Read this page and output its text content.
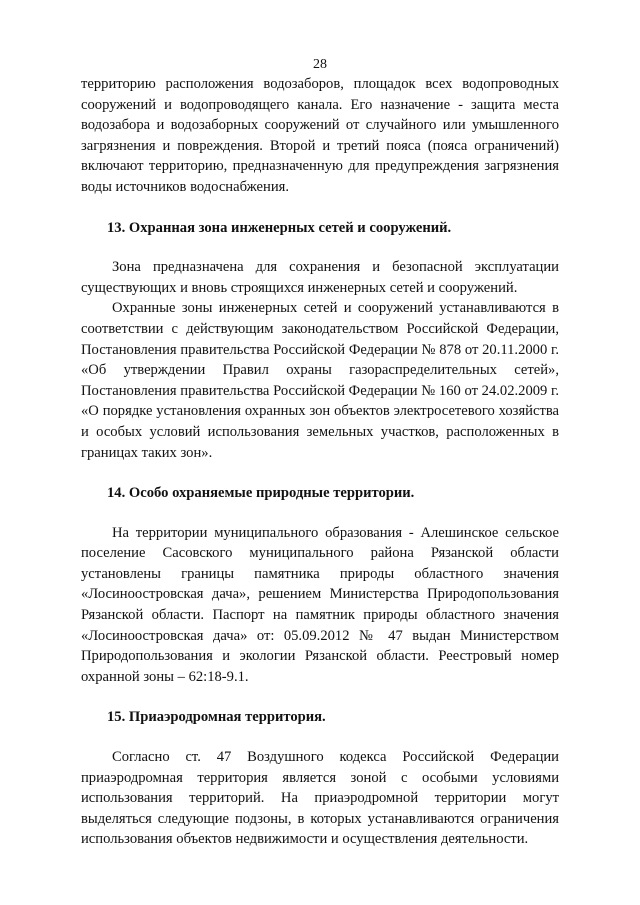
28

территорию расположения водозаборов, площадок всех водопроводных сооружений и водопроводящего канала. Его назначение - защита места водозабора и водозаборных сооружений от случайного или умышленного загрязнения и повреждения. Второй и третий пояса (пояса ограничений) включают территорию, предназначенную для предупреждения загрязнения воды источников водоснабжения.

13. Охранная зона инженерных сетей и сооружений.

Зона предназначена для сохранения и безопасной эксплуатации существующих и вновь строящихся инженерных сетей и сооружений.

Охранные зоны инженерных сетей и сооружений устанавливаются в соответствии с действующим законодательством Российской Федерации, Постановления правительства Российской Федерации № 878 от 20.11.2000 г. «Об утверждении Правил охраны газораспределительных сетей», Постановления правительства Российской Федерации № 160 от 24.02.2009 г. «О порядке установления охранных зон объектов электросетевого хозяйства и особых условий использования земельных участков, расположенных в границах таких зон».

14. Особо охраняемые природные территории.

На территории муниципального образования - Алешинское сельское поселение Сасовского муниципального района Рязанской области установлены границы памятника природы областного значения «Лосиноостровская дача», решением Министерства Природопользования Рязанской области. Паспорт на памятник природы областного значения «Лосиноостровская дача» от: 05.09.2012 № 47 выдан Министерством Природопользования и экологии Рязанской области. Реестровый номер охранной зоны – 62:18-9.1.

15. Приаэродромная территория.

Согласно ст. 47 Воздушного кодекса Российской Федерации приаэродромная территория является зоной с особыми условиями использования территорий. На приаэродромной территории могут выделяться следующие подзоны, в которых устанавливаются ограничения использования объектов недвижимости и осуществления деятельности.
